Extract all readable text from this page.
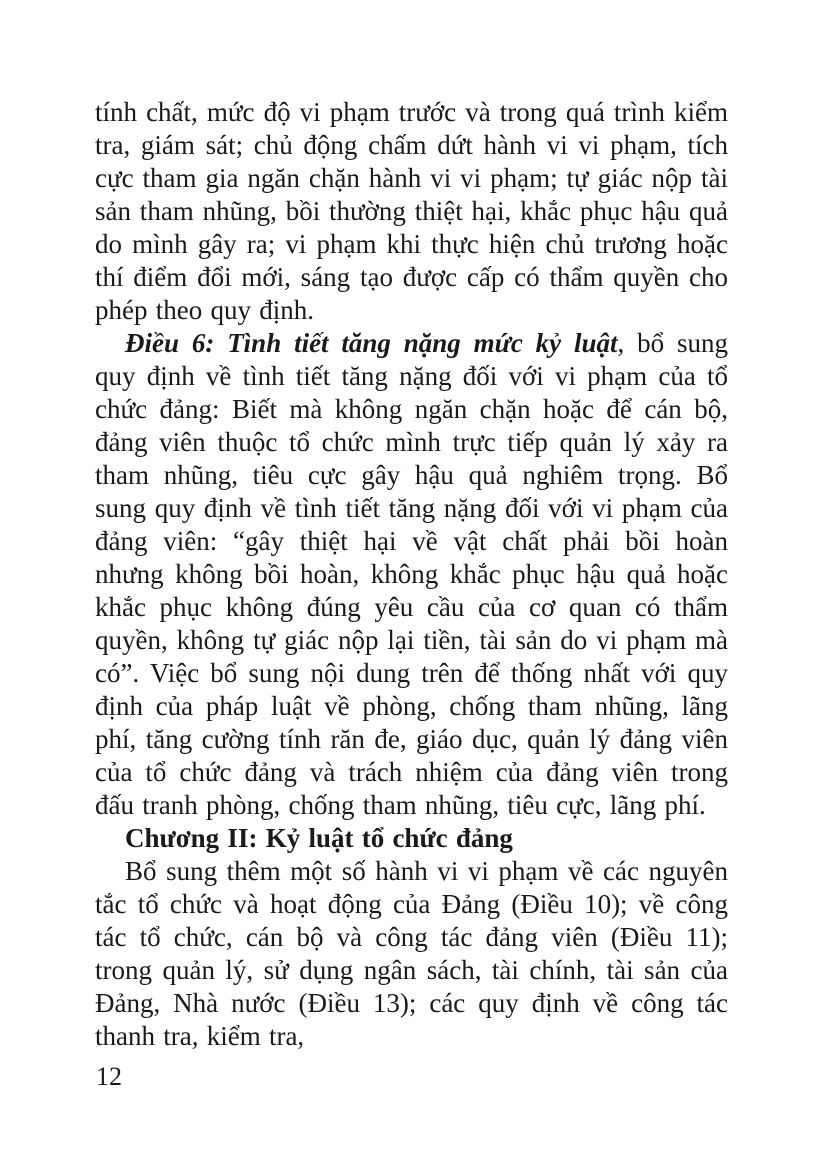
tính chất, mức độ vi phạm trước và trong quá trình kiểm tra, giám sát; chủ động chấm dứt hành vi vi phạm, tích cực tham gia ngăn chặn hành vi vi phạm; tự giác nộp tài sản tham nhũng, bồi thường thiệt hại, khắc phục hậu quả do mình gây ra; vi phạm khi thực hiện chủ trương hoặc thí điểm đổi mới, sáng tạo được cấp có thẩm quyền cho phép theo quy định.

Điều 6: Tình tiết tăng nặng mức kỷ luật, bổ sung quy định về tình tiết tăng nặng đối với vi phạm của tổ chức đảng: Biết mà không ngăn chặn hoặc để cán bộ, đảng viên thuộc tổ chức mình trực tiếp quản lý xảy ra tham nhũng, tiêu cực gây hậu quả nghiêm trọng. Bổ sung quy định về tình tiết tăng nặng đối với vi phạm của đảng viên: “gây thiệt hại về vật chất phải bồi hoàn nhưng không bồi hoàn, không khắc phục hậu quả hoặc khắc phục không đúng yêu cầu của cơ quan có thẩm quyền, không tự giác nộp lại tiền, tài sản do vi phạm mà có”. Việc bổ sung nội dung trên để thống nhất với quy định của pháp luật về phòng, chống tham nhũng, lãng phí, tăng cường tính răn đe, giáo dục, quản lý đảng viên của tổ chức đảng và trách nhiệm của đảng viên trong đấu tranh phòng, chống tham nhũng, tiêu cực, lãng phí.

Chương II: Kỷ luật tổ chức đảng

Bổ sung thêm một số hành vi vi phạm về các nguyên tắc tổ chức và hoạt động của Đảng (Điều 10); về công tác tổ chức, cán bộ và công tác đảng viên (Điều 11); trong quản lý, sử dụng ngân sách, tài chính, tài sản của Đảng, Nhà nước (Điều 13); các quy định về công tác thanh tra, kiểm tra,

12
